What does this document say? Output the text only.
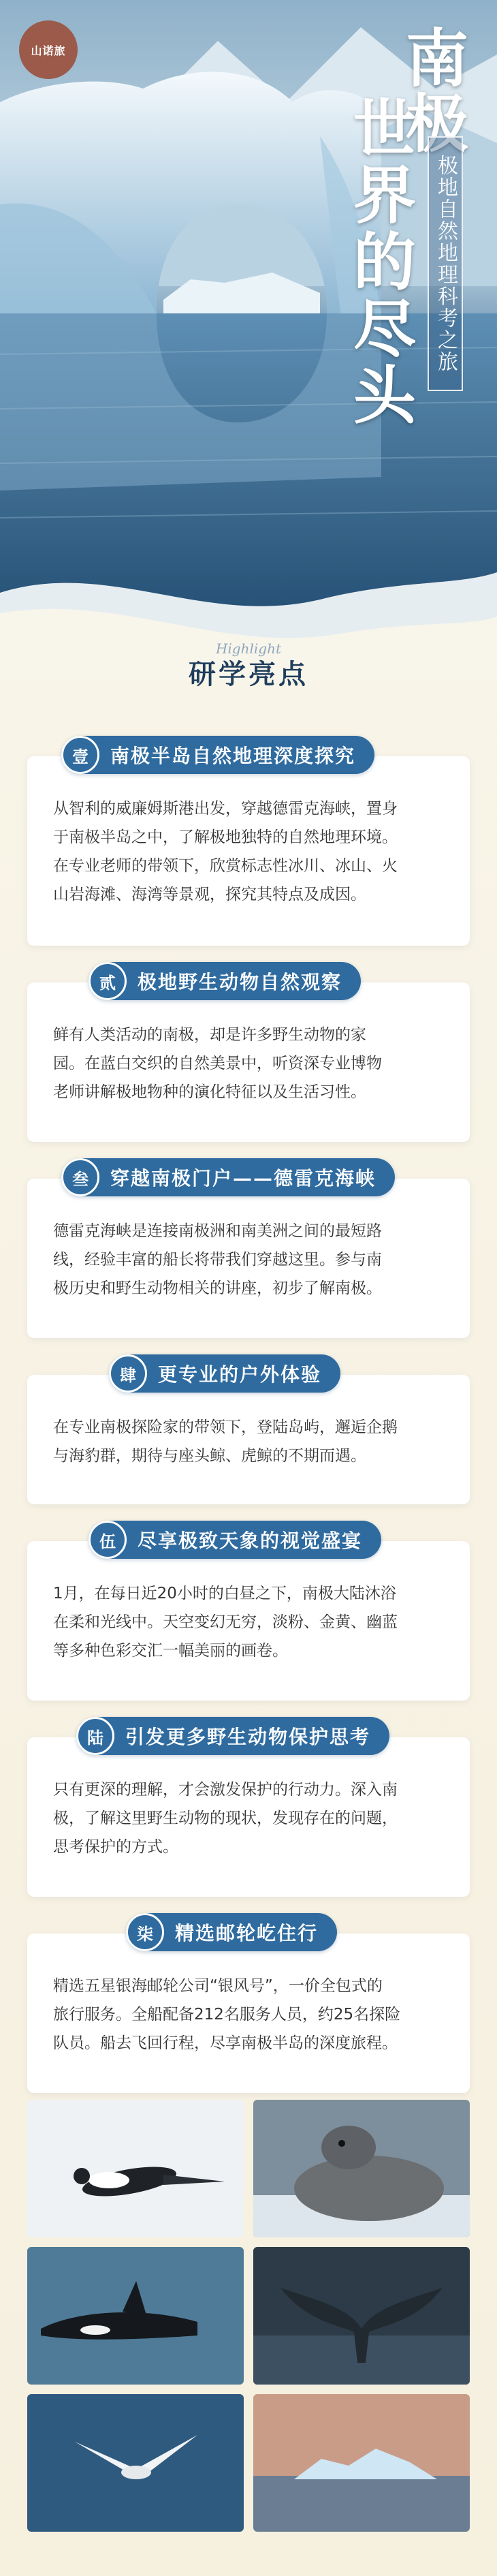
山诺旅	南极
世界的尽头 极地自然地理科考之旅
Highlight
研学亮点
从智利的威廉姆斯港出发，穿越德雷克海峡，置身
于南极半岛之中，了解极地独特的自然地理环境。
在专业老师的带领下，欣赏标志性冰川、冰山、火
山岩海滩、海湾等景观，探究其特点及成因。
壹	南极半岛自然地理深度探究
鲜有人类活动的南极，却是许多野生动物的家
园。在蓝白交织的自然美景中，听资深专业博物
老师讲解极地物种的演化特征以及生活习性。
贰	极地野生动物自然观察
德雷克海峡是连接南极洲和南美洲之间的最短路
线，经验丰富的船长将带我们穿越这里。参与南
极历史和野生动物相关的讲座，初步了解南极。
叁	穿越南极门户——德雷克海峡
在专业南极探险家的带领下，登陆岛屿，邂逅企鹅
与海豹群，期待与座头鲸、虎鲸的不期而遇。
肆	更专业的户外体验
1月，在每日近20小时的白昼之下，南极大陆沐浴
在柔和光线中。天空变幻无穷，淡粉、金黄、幽蓝
等多种色彩交汇一幅美丽的画卷。
伍	尽享极致天象的视觉盛宴
只有更深的理解，才会激发保护的行动力。深入南
极，了解这里野生动物的现状，发现存在的问题，
思考保护的方式。
陆	引发更多野生动物保护思考
精选五星银海邮轮公司“银风号”，一价全包式的
旅行服务。全船配备212名服务人员，约25名探险
队员。船去飞回行程，尽享南极半岛的深度旅程。
柒	精选邮轮屹住行
